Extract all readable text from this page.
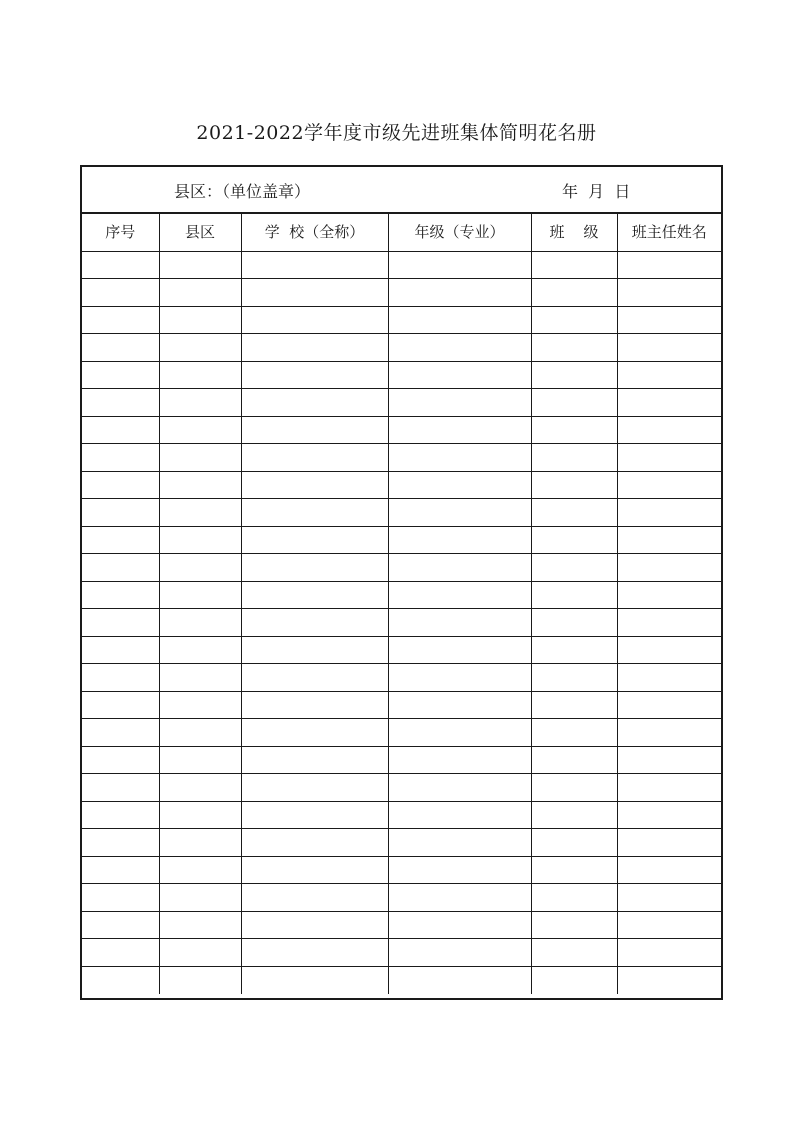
2021-2022学年度市级先进班集体简明花名册
县区：（单位盖章）	年  月  日
序号	县区	学  校（全称）	年级（专业）	班    级	班主任姓名
